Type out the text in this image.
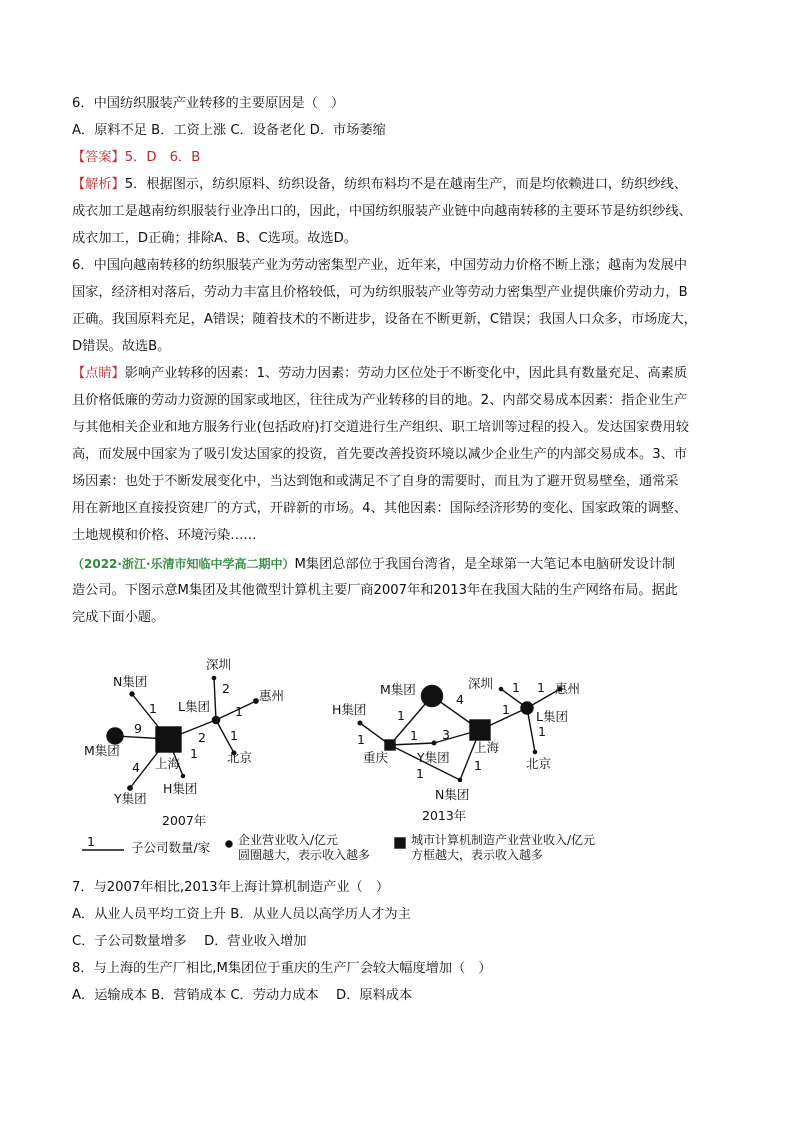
6．中国纺织服装产业转移的主要原因是（　）
A．原料不足 B．工资上涨 C．设备老化 D．市场萎缩
【答案】5．D　6．B
【解析】5．根据图示，纺织原料、纺织设备，纺织布料均不是在越南生产，而是均依赖进口，纺织纱线、
成衣加工是越南纺织服装行业净出口的，因此，中国纺织服装产业链中向越南转移的主要环节是纺织纱线、
成衣加工，D正确；排除A、B、C选项。故选D。
6．中国向越南转移的纺织服装产业为劳动密集型产业，近年来，中国劳动力价格不断上涨；越南为发展中
国家，经济相对落后，劳动力丰富且价格较低，可为纺织服装产业等劳动力密集型产业提供廉价劳动力，B
正确。我国原料充足，A错误；随着技术的不断进步，设备在不断更新，C错误；我国人口众多，市场庞大，
D错误。故选B。
【点睛】影响产业转移的因素：1、劳动力因素：劳动力区位处于不断变化中，因此具有数量充足、高素质
且价格低廉的劳动力资源的国家或地区，往往成为产业转移的目的地。2、内部交易成本因素：指企业生产
与其他相关企业和地方服务行业(包括政府)打交道进行生产组织、职工培训等过程的投入。发达国家费用较
高，而发展中国家为了吸引发达国家的投资，首先要改善投资环境以减少企业生产的内部交易成本。3、市
场因素：也处于不断发展变化中，当达到饱和或满足不了自身的需要时，而且为了避开贸易壁垒，通常采
用在新地区直接投资建厂的方式，开辟新的市场。4、其他因素：国际经济形势的变化、国家政策的调整、
土地规模和价格、环境污染……
（2022·浙江·乐清市知临中学高二期中）M集团总部位于我国台湾省，是全球第一大笔记本电脑研发设计制
造公司。下图示意M集团及其他微型计算机主要厂商2007年和2013年在我国大陆的生产网络布局。据此
完成下面小题。
N集团
L集团
深圳
惠州
北京
M集团
Y集团
H集团
上海
2007年
1
2
1
1
1
9
4
2
M集团
H集团
深圳	惠州
L集团
北京
Y集团
N集团
重庆
上海
2013年
4
1
1
1 1
1
3
1
1
1
1
1	子公司数量/家 企业营业收入/亿元
圆圈越大，表示收入越多
城市计算机制造产业营业收入/亿元
方框越大，表示收入越多
7．与2007年相比,2013年上海计算机制造产业（　）
A．从业人员平均工资上升 B．从业人员以高学历人才为主
C．子公司数量增多　 D．营业收入增加
8．与上海的生产厂相比,M集团位于重庆的生产厂会较大幅度增加（　）
A．运输成本 B．营销成本 C．劳动力成本　 D．原料成本
